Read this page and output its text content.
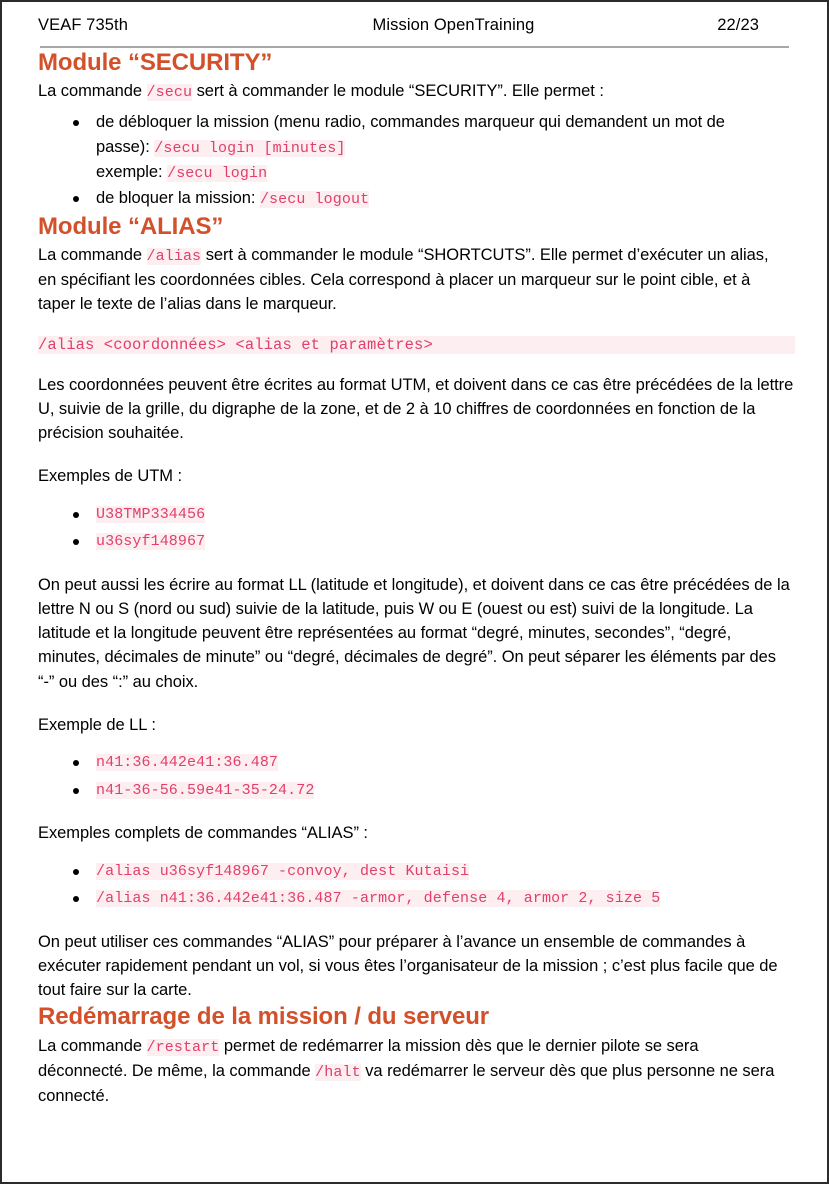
VEAF 735th	Mission OpenTraining	22/23
Module “SECURITY”

La commande /secu sert à commander le module “SECURITY”. Elle permet :

de débloquer la mission (menu radio, commandes marqueur qui demandent un mot de
passe): /secu login [minutes]
exemple: /secu login
de bloquer la mission: /secu logout
Module “ALIAS”

La commande /alias sert à commander le module “SHORTCUTS”. Elle permet d’exécuter un alias, en spécifiant les coordonnées cibles. Cela correspond à placer un marqueur sur le point cible, et à taper le texte de l’alias dans le marqueur.

/alias <coordonnées> <alias et paramètres>

Les coordonnées peuvent être écrites au format UTM, et doivent dans ce cas être précédées de la lettre U, suivie de la grille, du digraphe de la zone, et de 2 à 10 chiffres de coordonnées en fonction de la précision souhaitée.

Exemples de UTM :

U38TMP334456
u36syf148967

On peut aussi les écrire au format LL (latitude et longitude), et doivent dans ce cas être précédées de la lettre N ou S (nord ou sud) suivie de la latitude, puis W ou E (ouest ou est) suivi de la longitude. La latitude et la longitude peuvent être représentées au format “degré, minutes, secondes”, “degré, minutes, décimales de minute” ou “degré, décimales de degré”. On peut séparer les éléments par des “-” ou des “:” au choix.

Exemple de LL :

n41:36.442e41:36.487
n41-36-56.59e41-35-24.72

Exemples complets de commandes “ALIAS” :

/alias u36syf148967 -convoy, dest Kutaisi
/alias n41:36.442e41:36.487 -armor, defense 4, armor 2, size 5

On peut utiliser ces commandes “ALIAS” pour préparer à l’avance un ensemble de commandes à exécuter rapidement pendant un vol, si vous êtes l’organisateur de la mission ; c’est plus facile que de tout faire sur la carte.

Redémarrage de la mission / du serveur

La commande /restart permet de redémarrer la mission dès que le dernier pilote se sera déconnecté. De même, la commande /halt va redémarrer le serveur dès que plus personne ne sera connecté.
